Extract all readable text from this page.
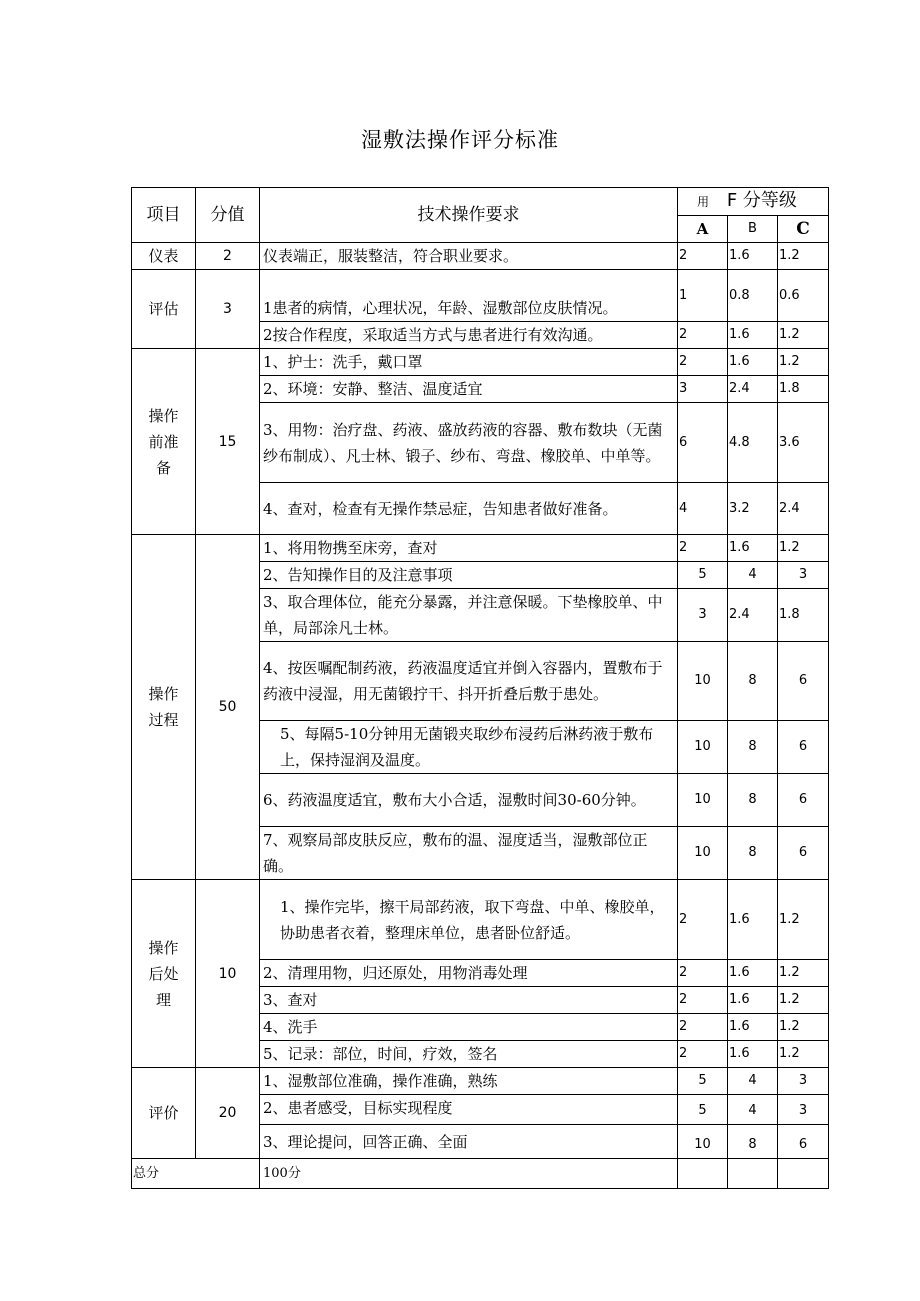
湿敷法操作评分标准
项目	分值	技术操作要求	用 F 分等级		
			A	B	C
仪表	2	仪表端正，服装整洁，符合职业要求。	2	1.6	1.2
评估	3	1患者的病情，心理状况，年龄、湿敷部位皮肤情况。	1	0.8	0.6
		2按合作程度，采取适当方式与患者进行有效沟通。	2	1.6	1.2

操作
前准
备	15	1、护士：洗手，戴口罩	2	1.6	1.2
		2、环境：安静、整洁、温度适宜	3	2.4	1.8
		3、用物：治疗盘、药液、盛放药液的容器、敷布数块（无菌纱布制成）、凡士林、锻子、纱布、弯盘、橡胶单、中单等。	6	4.8	3.6
		4、查对，检查有无操作禁忌症，告知患者做好准备。	4	3.2	2.4

操作
过程	50	1、将用物携至床旁，查对	2	1.6	1.2
		2、告知操作目的及注意事项	5	4	3
		3、取合理体位，能充分暴露，并注意保暖。下垫橡胶单、中单，局部涂凡士林。	3	2.4	1.8
		4、按医嘱配制药液，药液温度适宜并倒入容器内，置敷布于药液中浸湿，用无菌锻拧干、抖开折叠后敷于患处。	10	8	6
		5、每隔5-10分钟用无菌锻夹取纱布浸药后淋药液于敷布上，保持湿润及温度。	10	8	6
		6、药液温度适宜，敷布大小合适，湿敷时间30-60分钟。	10	8	6
		7、观察局部皮肤反应，敷布的温、湿度适当，湿敷部位正确。	10	8	6

操作
后处
理	10	1、操作完毕，擦干局部药液，取下弯盘、中单、橡胶单，协助患者衣着，整理床单位，患者卧位舒适。	2	1.6	1.2
		2、清理用物，归还原处，用物消毒处理	2	1.6	1.2
		3、查对	2	1.6	1.2
		4、洗手	2	1.6	1.2
		5、记录：部位，时间，疗效，签名	2	1.6	1.2
评价	20	1、湿敷部位准确，操作准确，熟练	5	4	3
		2、患者感受，目标实现程度	5	4	3
		3、理论提问，回答正确、全面	10	8	6
总分		100分			
